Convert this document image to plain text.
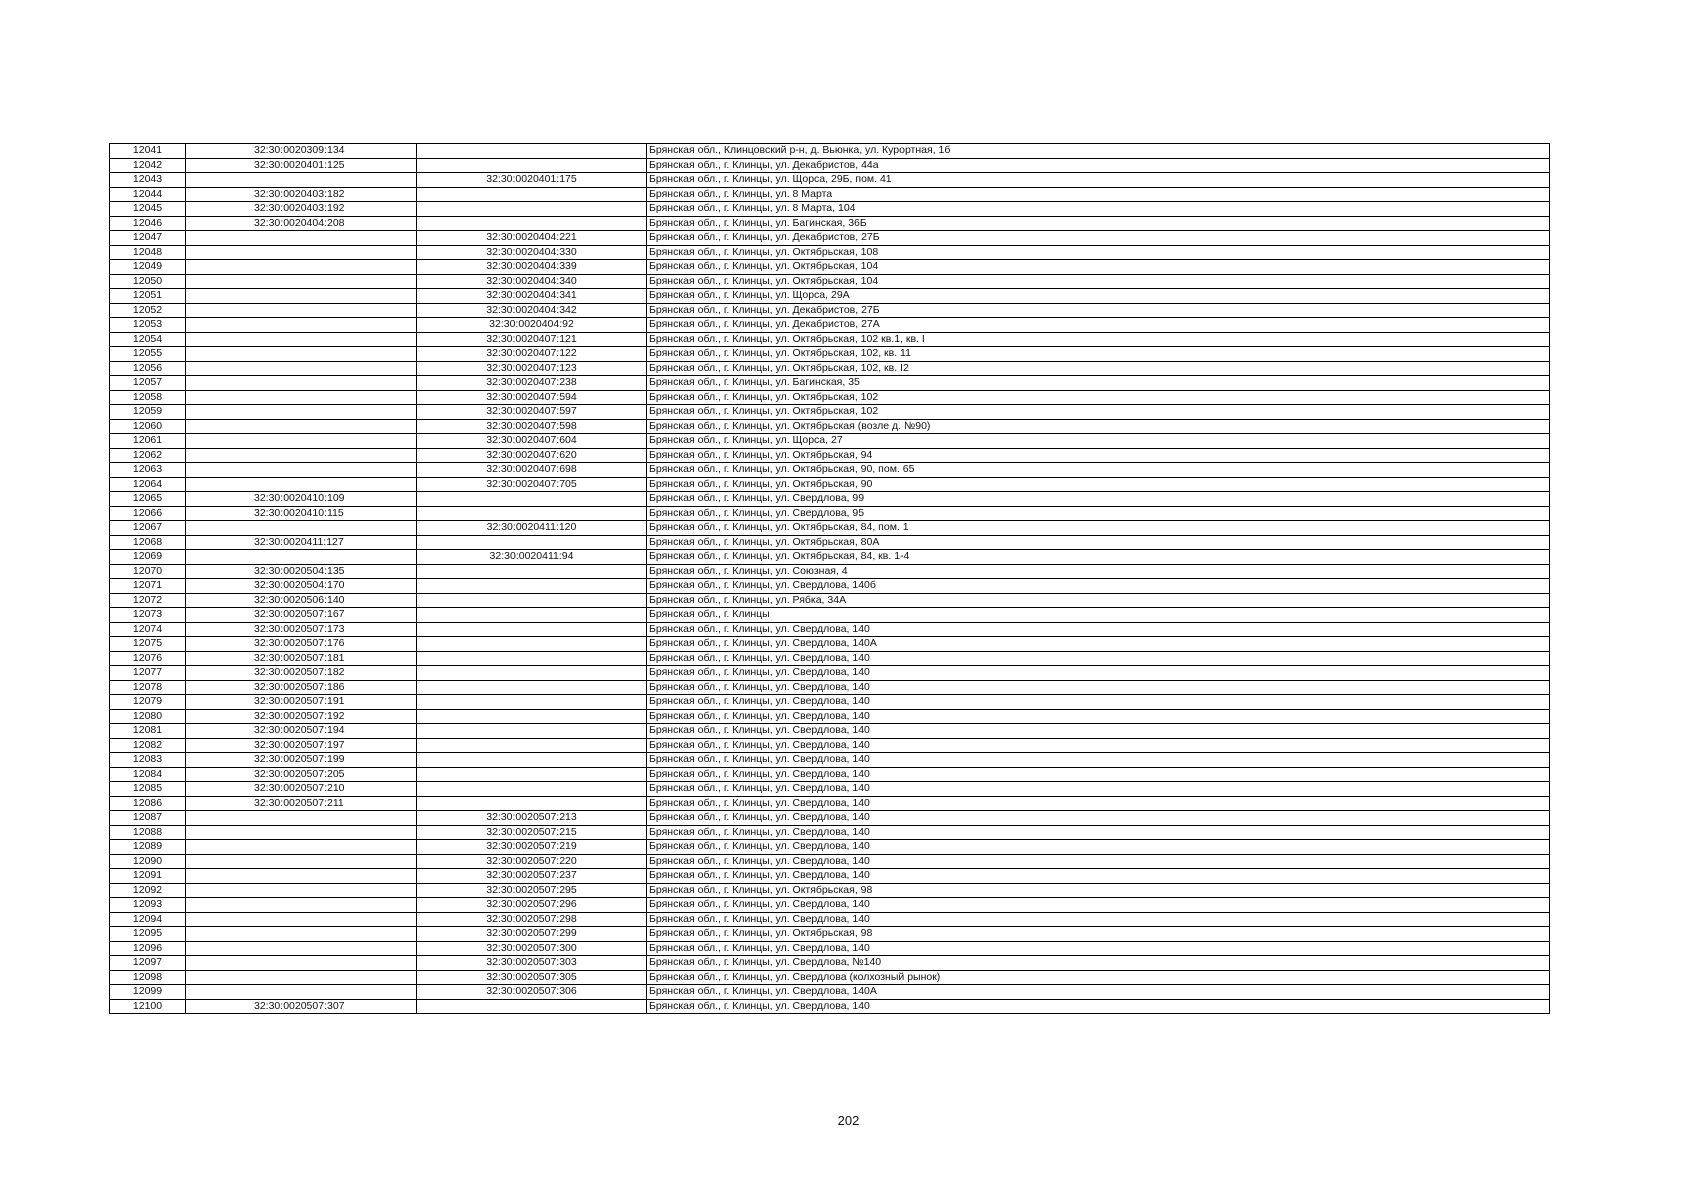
12041	32:30:0020309:134		Брянская обл., Клинцовский р-н, д. Вьюнка, ул. Курортная, 1б
12042	32:30:0020401:125		Брянская обл., г. Клинцы, ул. Декабристов, 44а
12043		32:30:0020401:175	Брянская обл., г. Клинцы, ул. Щорса, 29Б, пом. 41
12044	32:30:0020403:182		Брянская обл., г. Клинцы, ул. 8 Марта
12045	32:30:0020403:192		Брянская обл., г. Клинцы, ул. 8 Марта, 104
12046	32:30:0020404:208		Брянская обл., г. Клинцы, ул. Багинская, 36Б
12047		32:30:0020404:221	Брянская обл., г. Клинцы, ул. Декабристов, 27Б
12048		32:30:0020404:330	Брянская обл., г. Клинцы, ул. Октябрьская, 108
12049		32:30:0020404:339	Брянская обл., г. Клинцы, ул. Октябрьская, 104
12050		32:30:0020404:340	Брянская обл., г. Клинцы, ул. Октябрьская, 104
12051		32:30:0020404:341	Брянская обл., г. Клинцы, ул. Щорса, 29А
12052		32:30:0020404:342	Брянская обл., г. Клинцы, ул. Декабристов, 27Б
12053		32:30:0020404:92	Брянская обл., г. Клинцы, ул. Декабристов, 27А
12054		32:30:0020407:121	Брянская обл., г. Клинцы, ул. Октябрьская, 102 кв.1, кв. I
12055		32:30:0020407:122	Брянская обл., г. Клинцы, ул. Октябрьская, 102, кв. 11
12056		32:30:0020407:123	Брянская обл., г. Клинцы, ул. Октябрьская, 102, кв. I2
12057		32:30:0020407:238	Брянская обл., г. Клинцы, ул. Багинская, 35
12058		32:30:0020407:594	Брянская обл., г. Клинцы, ул. Октябрьская, 102
12059		32:30:0020407:597	Брянская обл., г. Клинцы, ул. Октябрьская, 102
12060		32:30:0020407:598	Брянская обл., г. Клинцы, ул. Октябрьская (возле д. №90)
12061		32:30:0020407:604	Брянская обл., г. Клинцы, ул. Щорса, 27
12062		32:30:0020407:620	Брянская обл., г. Клинцы, ул. Октябрьская, 94
12063		32:30:0020407:698	Брянская обл., г. Клинцы, ул. Октябрьская, 90, пом. 65
12064		32:30:0020407:705	Брянская обл., г. Клинцы, ул. Октябрьская, 90
12065	32:30:0020410:109		Брянская обл., г. Клинцы, ул. Свердлова, 99
12066	32:30:0020410:115		Брянская обл., г. Клинцы, ул. Свердлова, 95
12067		32:30:0020411:120	Брянская обл., г. Клинцы, ул. Октябрьская, 84, пом. 1
12068	32:30:0020411:127		Брянская обл., г. Клинцы, ул. Октябрьская, 80А
12069		32:30:0020411:94	Брянская обл., г. Клинцы, ул. Октябрьская, 84, кв. 1-4
12070	32:30:0020504:135		Брянская обл., г. Клинцы, ул. Союзная, 4
12071	32:30:0020504:170		Брянская обл., г. Клинцы, ул. Свердлова, 140б
12072	32:30:0020506:140		Брянская обл., г. Клинцы, ул. Рябка, 34А
12073	32:30:0020507:167		Брянская обл., г. Клинцы
12074	32:30:0020507:173		Брянская обл., г. Клинцы, ул. Свердлова, 140
12075	32:30:0020507:176		Брянская обл., г. Клинцы, ул. Свердлова, 140А
12076	32:30:0020507:181		Брянская обл., г. Клинцы, ул. Свердлова, 140
12077	32:30:0020507:182		Брянская обл., г. Клинцы, ул. Свердлова, 140
12078	32:30:0020507:186		Брянская обл., г. Клинцы, ул. Свердлова, 140
12079	32:30:0020507:191		Брянская обл., г. Клинцы, ул. Свердлова, 140
12080	32:30:0020507:192		Брянская обл., г. Клинцы, ул. Свердлова, 140
12081	32:30:0020507:194		Брянская обл., г. Клинцы, ул. Свердлова, 140
12082	32:30:0020507:197		Брянская обл., г. Клинцы, ул. Свердлова, 140
12083	32:30:0020507:199		Брянская обл., г. Клинцы, ул. Свердлова, 140
12084	32:30:0020507:205		Брянская обл., г. Клинцы, ул. Свердлова, 140
12085	32:30:0020507:210		Брянская обл., г. Клинцы, ул. Свердлова, 140
12086	32:30:0020507:211		Брянская обл., г. Клинцы, ул. Свердлова, 140
12087		32:30:0020507:213	Брянская обл., г. Клинцы, ул. Свердлова, 140
12088		32:30:0020507:215	Брянская обл., г. Клинцы, ул. Свердлова, 140
12089		32:30:0020507:219	Брянская обл., г. Клинцы, ул. Свердлова, 140
12090		32:30:0020507:220	Брянская обл., г. Клинцы, ул. Свердлова, 140
12091		32:30:0020507:237	Брянская обл., г. Клинцы, ул. Свердлова, 140
12092		32:30:0020507:295	Брянская обл., г. Клинцы, ул. Октябрьская, 98
12093		32:30:0020507:296	Брянская обл., г. Клинцы, ул. Свердлова, 140
12094		32:30:0020507:298	Брянская обл., г. Клинцы, ул. Свердлова, 140
12095		32:30:0020507:299	Брянская обл., г. Клинцы, ул. Октябрьская, 98
12096		32:30:0020507:300	Брянская обл., г. Клинцы, ул. Свердлова, 140
12097		32:30:0020507:303	Брянская обл., г. Клинцы, ул. Свердлова, №140
12098		32:30:0020507:305	Брянская обл., г. Клинцы, ул. Свердлова (колхозный рынок)
12099		32:30:0020507:306	Брянская обл., г. Клинцы, ул. Свердлова, 140А
12100	32:30:0020507:307		Брянская обл., г. Клинцы, ул. Свердлова, 140
202
